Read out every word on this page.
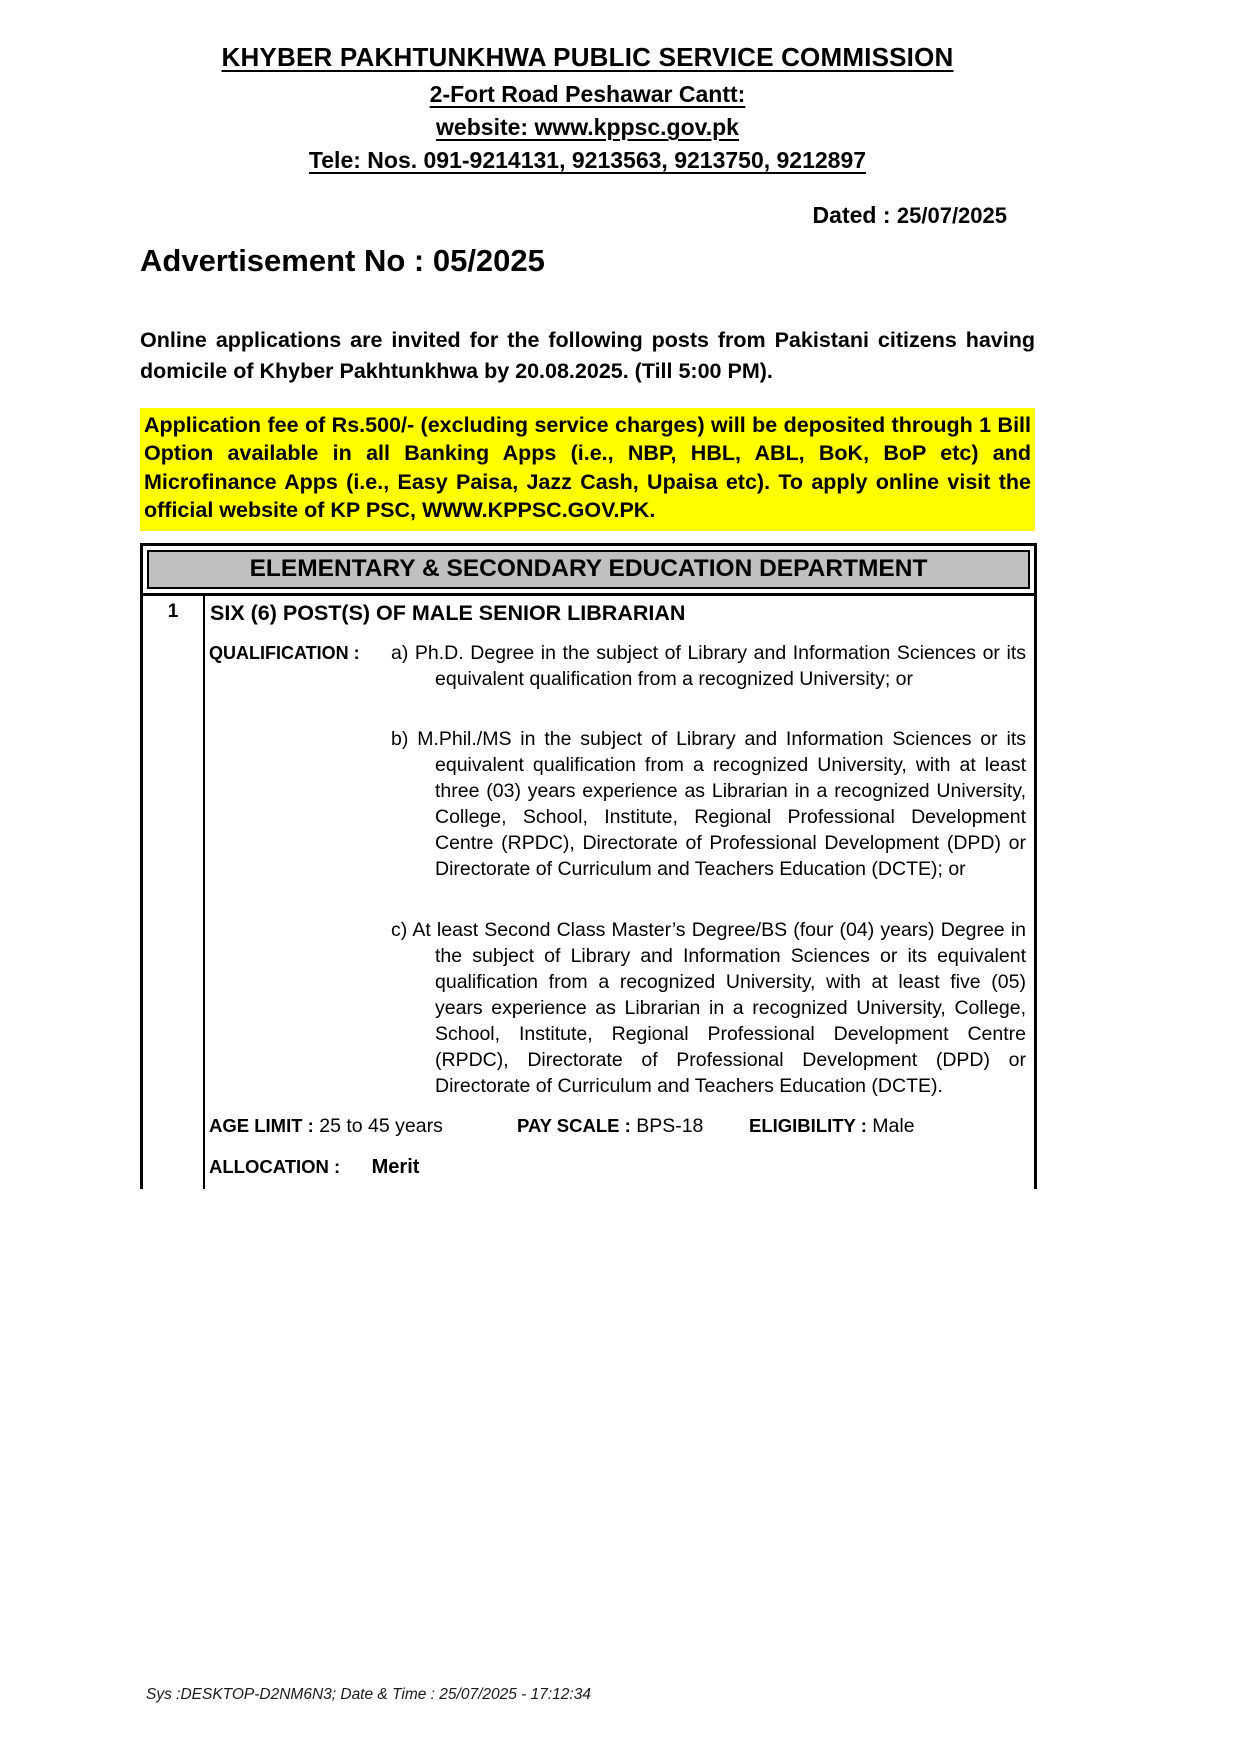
KHYBER PAKHTUNKHWA PUBLIC SERVICE COMMISSION
2-Fort Road Peshawar Cantt:
website: www.kppsc.gov.pk
Tele: Nos. 091-9214131, 9213563, 9213750, 9212897
Dated : 25/07/2025
Advertisement No : 05/2025
Online applications are invited for the following posts from Pakistani citizens having domicile of Khyber Pakhtunkhwa by 20.08.2025. (Till 5:00 PM).
Application fee of Rs.500/- (excluding service charges) will be deposited through 1 Bill Option available in all Banking Apps (i.e., NBP, HBL, ABL, BoK, BoP etc) and Microfinance Apps (i.e., Easy Paisa, Jazz Cash, Upaisa etc). To apply online visit the official website of KP PSC, WWW.KPPSC.GOV.PK.
ELEMENTARY & SECONDARY EDUCATION DEPARTMENT
1	SIX (6) POST(S) OF MALE SENIOR LIBRARIAN
QUALIFICATION :	a) Ph.D. Degree in the subject of Library and Information Sciences or its equivalent qualification from a recognized University; or

b) M.Phil./MS in the subject of Library and Information Sciences or its equivalent qualification from a recognized University, with at least three (03) years experience as Librarian in a recognized University, College, School, Institute, Regional Professional Development Centre (RPDC), Directorate of Professional Development (DPD) or Directorate of Curriculum and Teachers Education (DCTE); or

c) At least Second Class Master’s Degree/BS (four (04) years) Degree in the subject of Library and Information Sciences or its equivalent qualification from a recognized University, with at least five (05) years experience as Librarian in a recognized University, College, School, Institute, Regional Professional Development Centre (RPDC), Directorate of Professional Development (DPD) or Directorate of Curriculum and Teachers Education (DCTE).

AGE LIMIT : 25 to 45 years	PAY SCALE : BPS-18	ELIGIBILITY : Male
ALLOCATION : Merit
Sys :DESKTOP-D2NM6N3; Date & Time : 25/07/2025 - 17:12:34
